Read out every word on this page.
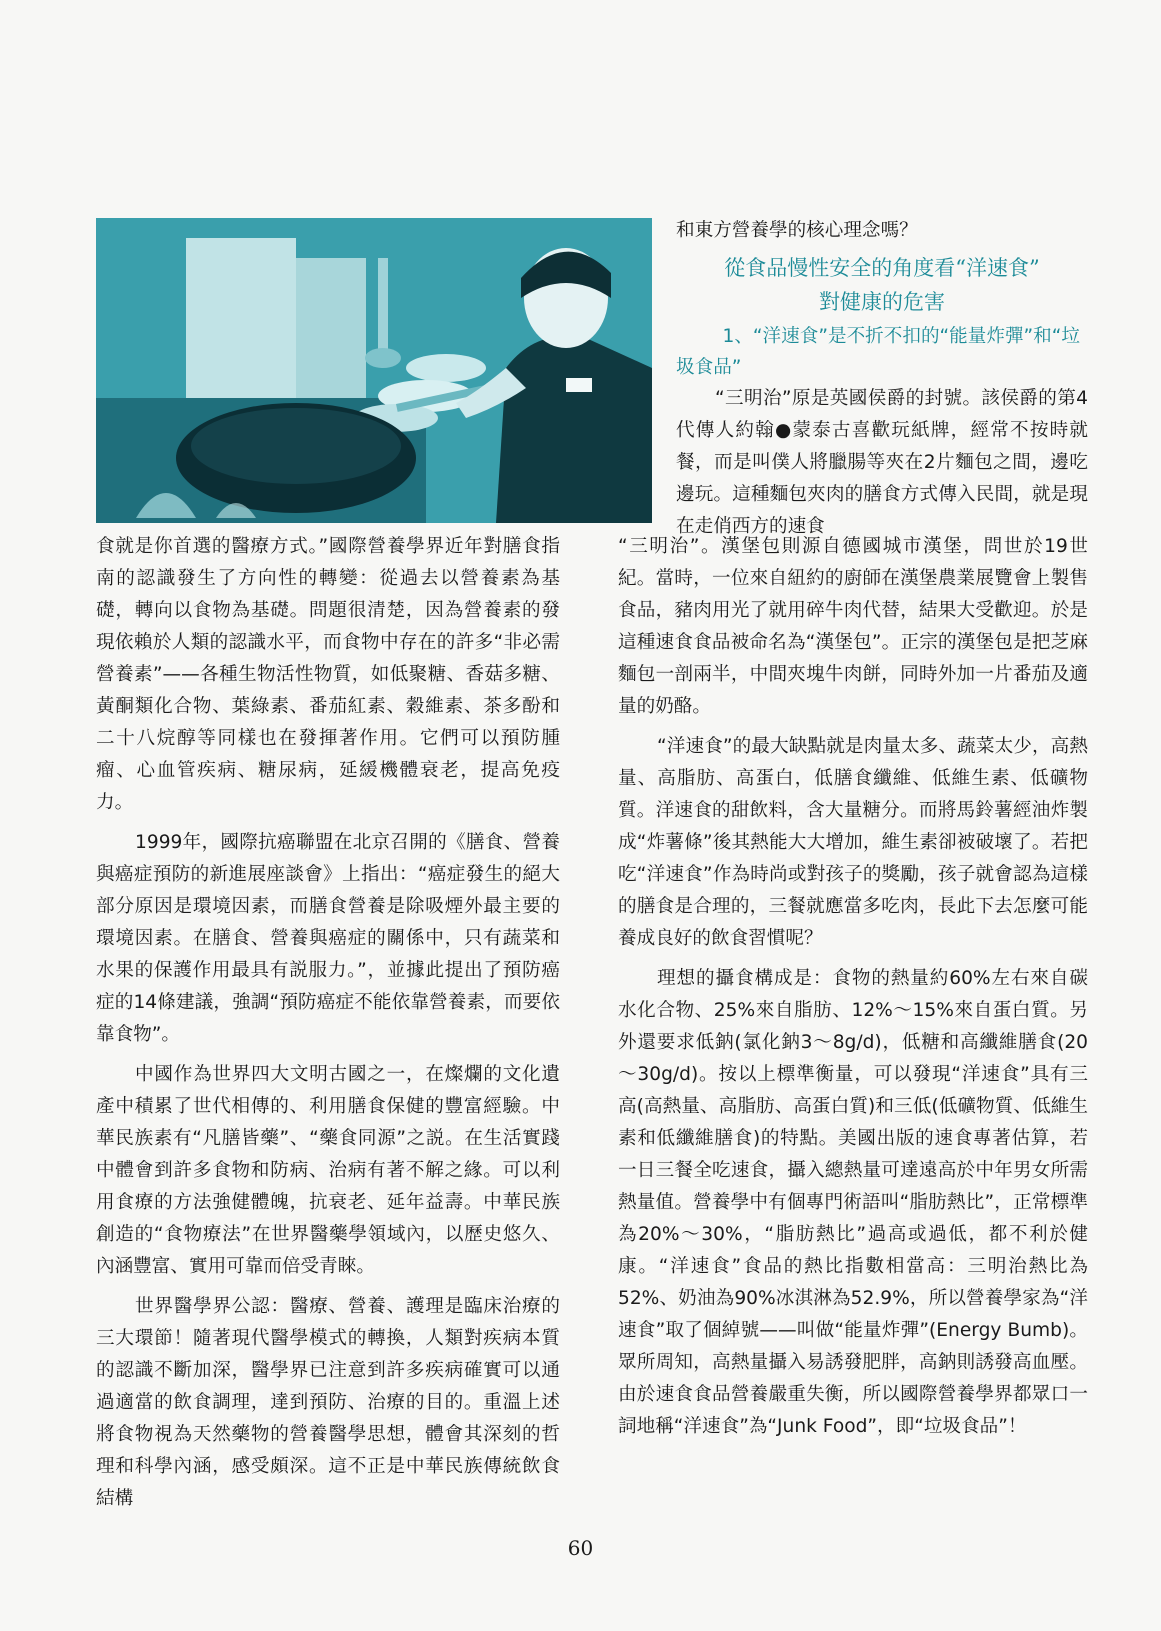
和東方營養學的核心理念嗎？

從食品慢性安全的角度看“洋速食”
對健康的危害

1、“洋速食”是不折不扣的“能量炸彈”和“垃圾食品”

“三明治”原是英國侯爵的封號。該侯爵的第4代傳人約翰●蒙泰古喜歡玩紙牌，經常不按時就餐，而是叫僕人將臘腸等夾在2片麵包之間，邊吃邊玩。這種麵包夾肉的膳食方式傳入民間，就是現在走俏西方的速食

食就是你首選的醫療方式。”國際營養學界近年對膳食指南的認識發生了方向性的轉變：從過去以營養素為基礎，轉向以食物為基礎。問題很清楚，因為營養素的發現依賴於人類的認識水平，而食物中存在的許多“非必需營養素”——各種生物活性物質，如低聚糖、香菇多糖、黃酮類化合物、葉綠素、番茄紅素、穀維素、茶多酚和二十八烷醇等同樣也在發揮著作用。它們可以預防腫瘤、心血管疾病、糖尿病，延緩機體衰老，提高免疫力。

1999年，國際抗癌聯盟在北京召開的《膳食、營養與癌症預防的新進展座談會》上指出：“癌症發生的絕大部分原因是環境因素，而膳食營養是除吸煙外最主要的環境因素。在膳食、營養與癌症的關係中，只有蔬菜和水果的保護作用最具有説服力。”，並據此提出了預防癌症的14條建議，強調“預防癌症不能依靠營養素，而要依靠食物”。

中國作為世界四大文明古國之一，在燦爛的文化遺產中積累了世代相傳的、利用膳食保健的豐富經驗。中華民族素有“凡膳皆藥”、“藥食同源”之説。在生活實踐中體會到許多食物和防病、治病有著不解之緣。可以利用食療的方法強健體魄，抗衰老、延年益壽。中華民族創造的“食物療法”在世界醫藥學領域內，以歷史悠久、內涵豐富、實用可靠而倍受青睞。

世界醫學界公認：醫療、營養、護理是臨床治療的三大環節！隨著現代醫學模式的轉換，人類對疾病本質的認識不斷加深，醫學界已注意到許多疾病確實可以通過適當的飲食調理，達到預防、治療的目的。重溫上述將食物視為天然藥物的營養醫學思想，體會其深刻的哲理和科學內涵，感受頗深。這不正是中華民族傳統飲食結構

“三明治”。漢堡包則源自德國城市漢堡，問世於19世紀。當時，一位來自紐約的廚師在漢堡農業展覽會上製售食品，豬肉用光了就用碎牛肉代替，結果大受歡迎。於是這種速食食品被命名為“漢堡包”。正宗的漢堡包是把芝麻麵包一剖兩半，中間夾塊牛肉餅，同時外加一片番茄及適量的奶酪。

“洋速食”的最大缺點就是肉量太多、蔬菜太少，高熱量、高脂肪、高蛋白，低膳食纖維、低維生素、低礦物質。洋速食的甜飲料，含大量糖分。而將馬鈴薯經油炸製成“炸薯條”後其熱能大大增加，維生素卻被破壞了。若把吃“洋速食”作為時尚或對孩子的獎勵，孩子就會認為這樣的膳食是合理的，三餐就應當多吃肉，長此下去怎麼可能養成良好的飲食習慣呢？

理想的攝食構成是：食物的熱量約60%左右來自碳水化合物、25%來自脂肪、12%～15%來自蛋白質。另外還要求低鈉(氯化鈉3～8g/d)，低糖和高纖維膳食(20～30g/d)。按以上標準衡量，可以發現“洋速食”具有三高(高熱量、高脂肪、高蛋白質)和三低(低礦物質、低維生素和低纖維膳食)的特點。美國出版的速食專著估算，若一日三餐全吃速食，攝入總熱量可達遠高於中年男女所需熱量值。營養學中有個專門術語叫“脂肪熱比”，正常標準為20%～30%，“脂肪熱比”過高或過低，都不利於健康。“洋速食”食品的熱比指數相當高：三明治熱比為52%、奶油為90%冰淇淋為52.9%，所以營養學家為“洋速食”取了個綽號——叫做“能量炸彈”(Energy Bumb)。眾所周知，高熱量攝入易誘發肥胖，高鈉則誘發高血壓。由於速食食品營養嚴重失衡，所以國際營養學界都眾口一詞地稱“洋速食”為“Junk Food”，即“垃圾食品”！

60
